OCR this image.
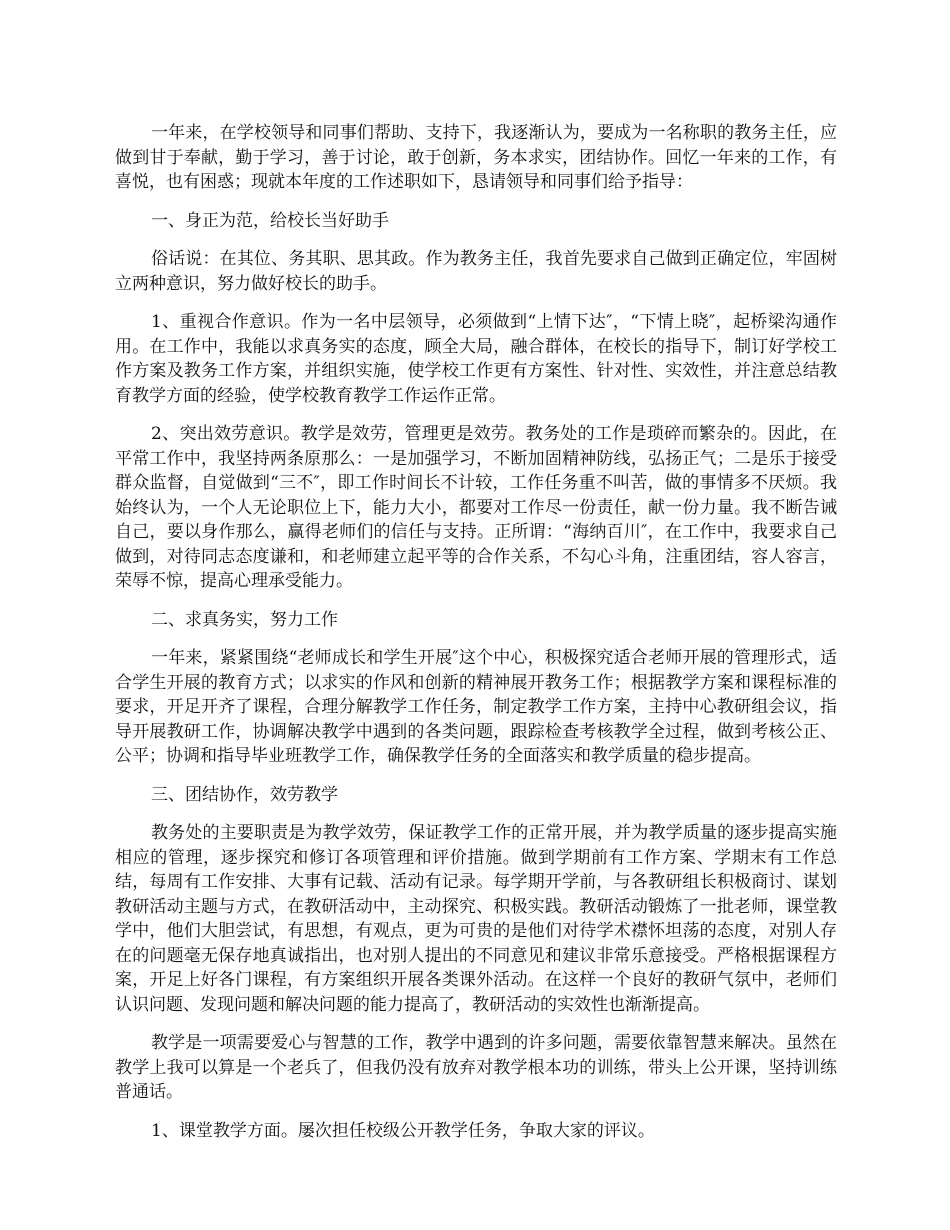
一年来，在学校领导和同事们帮助、支持下，我逐渐认为，要成为一名称职的教务主任，应做到甘于奉献，勤于学习，善于讨论，敢于创新，务本求实，团结协作。回忆一年来的工作，有喜悦，也有困惑；现就本年度的工作述职如下，恳请领导和同事们给予指导：

一、身正为范，给校长当好助手

俗话说：在其位、务其职、思其政。作为教务主任，我首先要求自己做到正确定位，牢固树立两种意识，努力做好校长的助手。

1、重视合作意识。作为一名中层领导，必须做到“上情下达″，“下情上晓″，起桥梁沟通作用。在工作中，我能以求真务实的态度，顾全大局，融合群体，在校长的指导下，制订好学校工作方案及教务工作方案，并组织实施，使学校工作更有方案性、针对性、实效性，并注意总结教育教学方面的经验，使学校教育教学工作运作正常。

2、突出效劳意识。教学是效劳，管理更是效劳。教务处的工作是琐碎而繁杂的。因此，在平常工作中，我坚持两条原那么：一是加强学习，不断加固精神防线，弘扬正气；二是乐于接受群众监督，自觉做到“三不″，即工作时间长不计较，工作任务重不叫苦，做的事情多不厌烦。我始终认为，一个人无论职位上下，能力大小，都要对工作尽一份责任，献一份力量。我不断告诫自己，要以身作那么，赢得老师们的信任与支持。正所谓：“海纳百川″，在工作中，我要求自己做到，对待同志态度谦和，和老师建立起平等的合作关系，不勾心斗角，注重团结，容人容言，荣辱不惊，提高心理承受能力。

二、求真务实，努力工作

一年来，紧紧围绕“老师成长和学生开展″这个中心，积极探究适合老师开展的管理形式，适合学生开展的教育方式；以求实的作风和创新的精神展开教务工作；根据教学方案和课程标准的要求，开足开齐了课程，合理分解教学工作任务，制定教学工作方案，主持中心教研组会议，指导开展教研工作，协调解决教学中遇到的各类问题，跟踪检查考核教学全过程，做到考核公正、公平；协调和指导毕业班教学工作，确保教学任务的全面落实和教学质量的稳步提高。

三、团结协作，效劳教学

教务处的主要职责是为教学效劳，保证教学工作的正常开展，并为教学质量的逐步提高实施相应的管理，逐步探究和修订各项管理和评价措施。做到学期前有工作方案、学期末有工作总结，每周有工作安排、大事有记载、活动有记录。每学期开学前，与各教研组长积极商讨、谋划教研活动主题与方式，在教研活动中，主动探究、积极实践。教研活动锻炼了一批老师，课堂教学中，他们大胆尝试，有思想，有观点，更为可贵的是他们对待学术襟怀坦荡的态度，对别人存在的问题毫无保存地真诚指出，也对别人提出的不同意见和建议非常乐意接受。严格根据课程方案，开足上好各门课程，有方案组织开展各类课外活动。在这样一个良好的教研气氛中，老师们认识问题、发现问题和解决问题的能力提高了，教研活动的实效性也渐渐提高。

教学是一项需要爱心与智慧的工作，教学中遇到的许多问题，需要依靠智慧来解决。虽然在教学上我可以算是一个老兵了，但我仍没有放弃对教学根本功的训练，带头上公开课，坚持训练普通话。

1、课堂教学方面。屡次担任校级公开教学任务，争取大家的评议。
